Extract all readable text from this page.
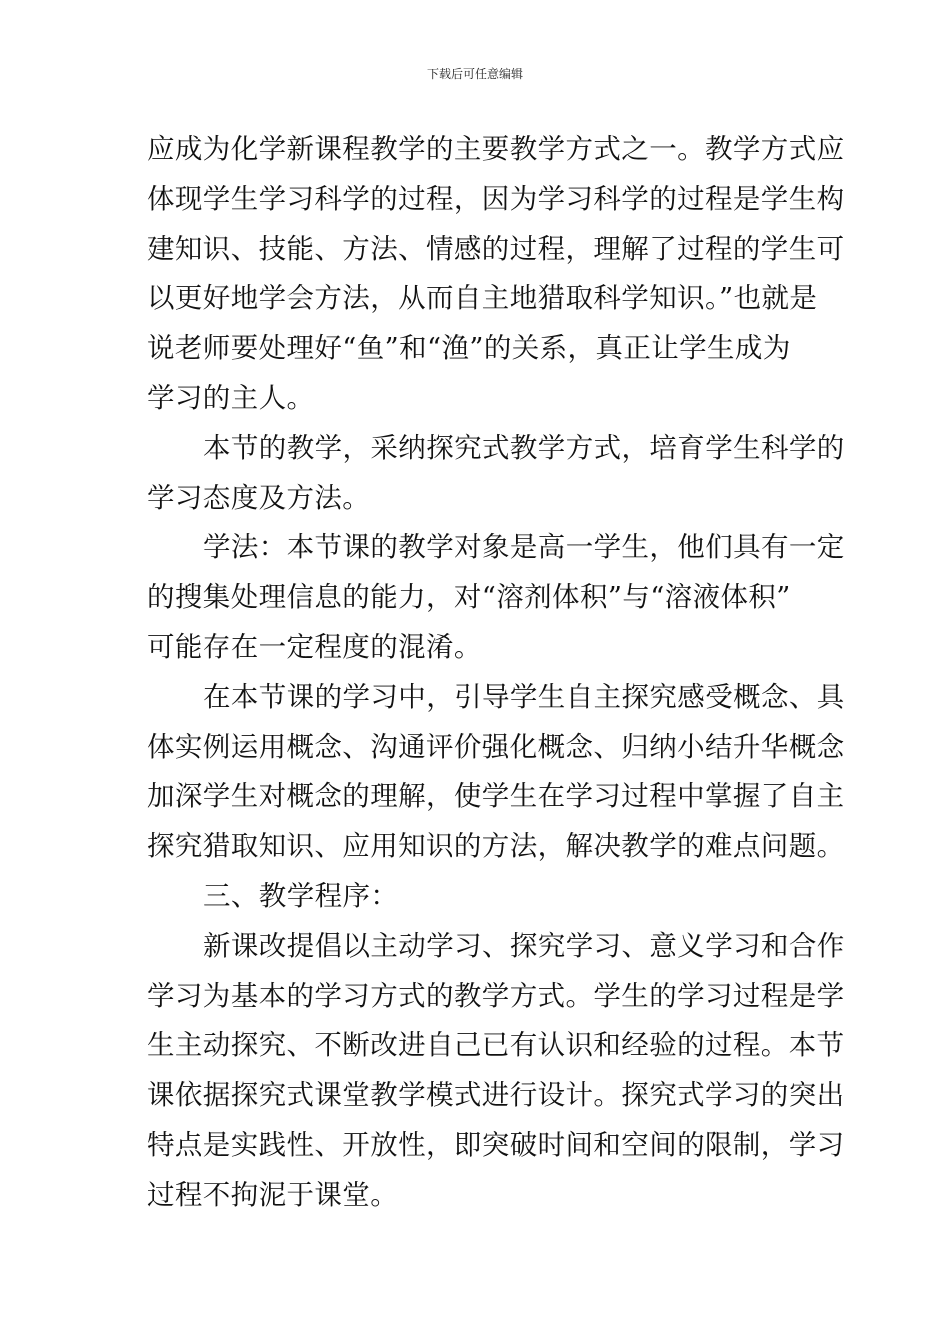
下载后可任意编辑
应成为化学新课程教学的主要教学方式之一。教学方式应
体现学生学习科学的过程，因为学习科学的过程是学生构
建知识、技能、方法、情感的过程，理解了过程的学生可
以更好地学会方法，从而自主地猎取科学知识。”也就是
说老师要处理好“鱼”和“渔”的关系，真正让学生成为
学习的主人。
本节的教学，采纳探究式教学方式，培育学生科学的
学习态度及方法。
学法：本节课的教学对象是高一学生，他们具有一定
的搜集处理信息的能力，对“溶剂体积”与“溶液体积”
可能存在一定程度的混淆。
在本节课的学习中，引导学生自主探究感受概念、具
体实例运用概念、沟通评价强化概念、归纳小结升华概念
加深学生对概念的理解，使学生在学习过程中掌握了自主
探究猎取知识、应用知识的方法，解决教学的难点问题。
三、教学程序：
新课改提倡以主动学习、探究学习、意义学习和合作
学习为基本的学习方式的教学方式。学生的学习过程是学
生主动探究、不断改进自己已有认识和经验的过程。本节
课依据探究式课堂教学模式进行设计。探究式学习的突出
特点是实践性、开放性，即突破时间和空间的限制，学习
过程不拘泥于课堂。
